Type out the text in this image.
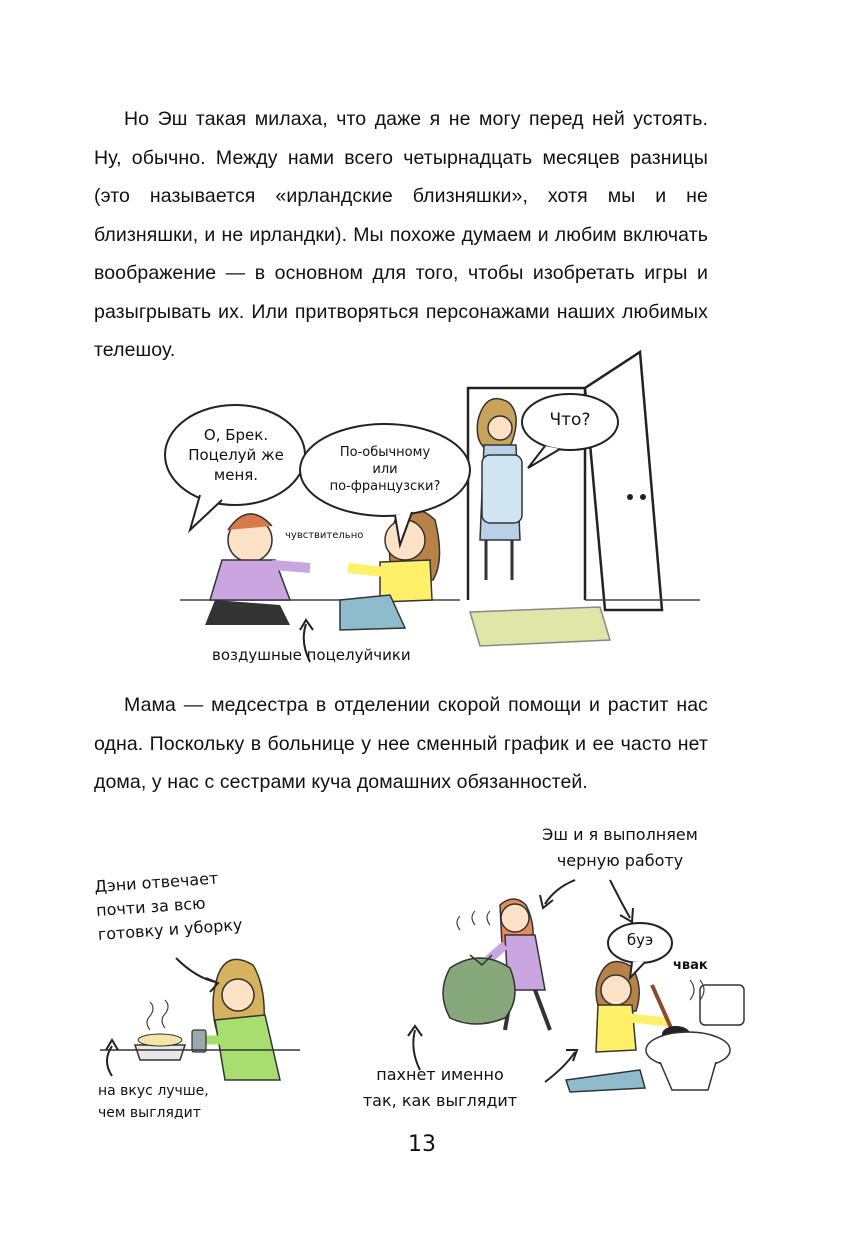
Но Эш такая милаха, что даже я не могу перед ней устоять. Ну, обычно. Между нами всего четырнадцать месяцев разницы (это называется «ирландские близняшки», хотя мы и не близняшки, и не ирландки). Мы похоже думаем и любим включать воображение — в основном для того, чтобы изобретать игры и разыгрывать их. Или притворяться персонажами наших любимых телешоу.

О, Брек.
Поцелуй же
меня.
По-обычному
или
по-французски?
Что?
чувствительно
воздушные поцелуйчики

Мама — медсестра в отделении скорой помощи и растит нас одна. Поскольку в больнице у нее сменный график и ее часто нет дома, у нас с сестрами куча домашних обязанностей.

Дэни отвечает
почти за всю
готовку и уборку
на вкус лучше,
чем выглядит
Эш и я выполняем
черную работу
буэ
чвак
пахнет именно
так, как выглядит
13
